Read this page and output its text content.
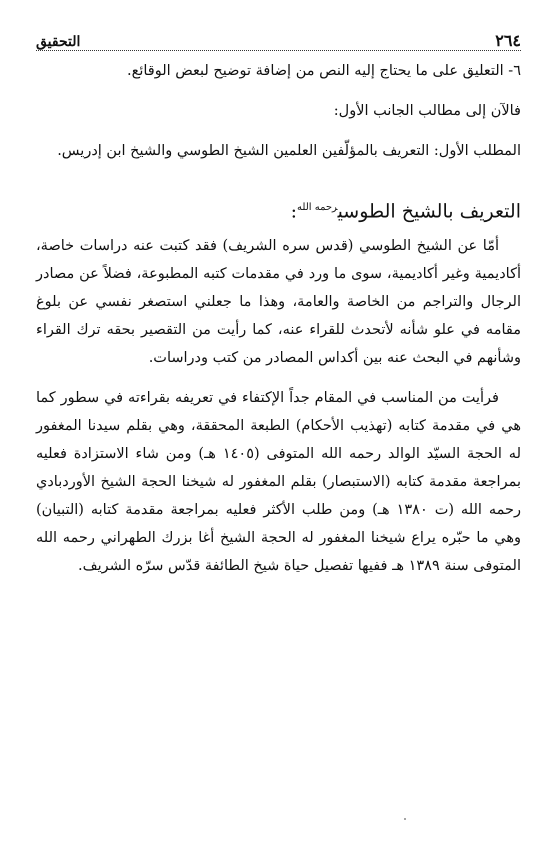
٢٦٤
التحقيق

٦- التعليق على ما يحتاج إليه النص من إضافة توضيح لبعض الوقائع.

فالآن إلى مطالب الجانب الأول:

المطلب الأول: التعريف بالمؤلّفين العلمين الشيخ الطوسي والشيخ ابن إدريس.

التعريف بالشيخ الطوسي$^{رحمه الله}$:

أمّا عن الشيخ الطوسي (قدس سره الشريف) فقد كتبت عنه دراسات خاصة، أكاديمية وغير أكاديمية، سوى ما ورد في مقدمات كتبه المطبوعة، فضلاً عن مصادر الرجال والتراجم من الخاصة والعامة، وهذا ما جعلني استصغر نفسي عن بلوغ مقامه في علو شأنه لأتحدث للقراء عنه، كما رأيت من التقصير بحقه ترك القراء وشأنهم في البحث عنه بين أكداس المصادر من كتب ودراسات.

فرأيت من المناسب في المقام جداً الإكتفاء في تعريفه بقراءته في سطور كما هي في مقدمة كتابه (تهذيب الأحكام) الطبعة المحققة، وهي بقلم سيدنا المغفور له الحجة السيّد الوالد رحمه الله المتوفى (١٤٠٥ هـ) ومن شاء الاستزادة فعليه بمراجعة مقدمة كتابه (الاستبصار) بقلم المغفور له شيخنا الحجة الشيخ الأوردبادي رحمه الله (ت ١٣٨٠ هـ) ومن طلب الأكثر فعليه بمراجعة مقدمة كتابه (التبيان) وهي ما حبّره يراع شيخنا المغفور له الحجة الشيخ أغا بزرك الطهراني رحمه الله المتوفى سنة ١٣٨٩ هـ ففيها تفصيل حياة شيخ الطائفة قدّس سرّه الشريف.
